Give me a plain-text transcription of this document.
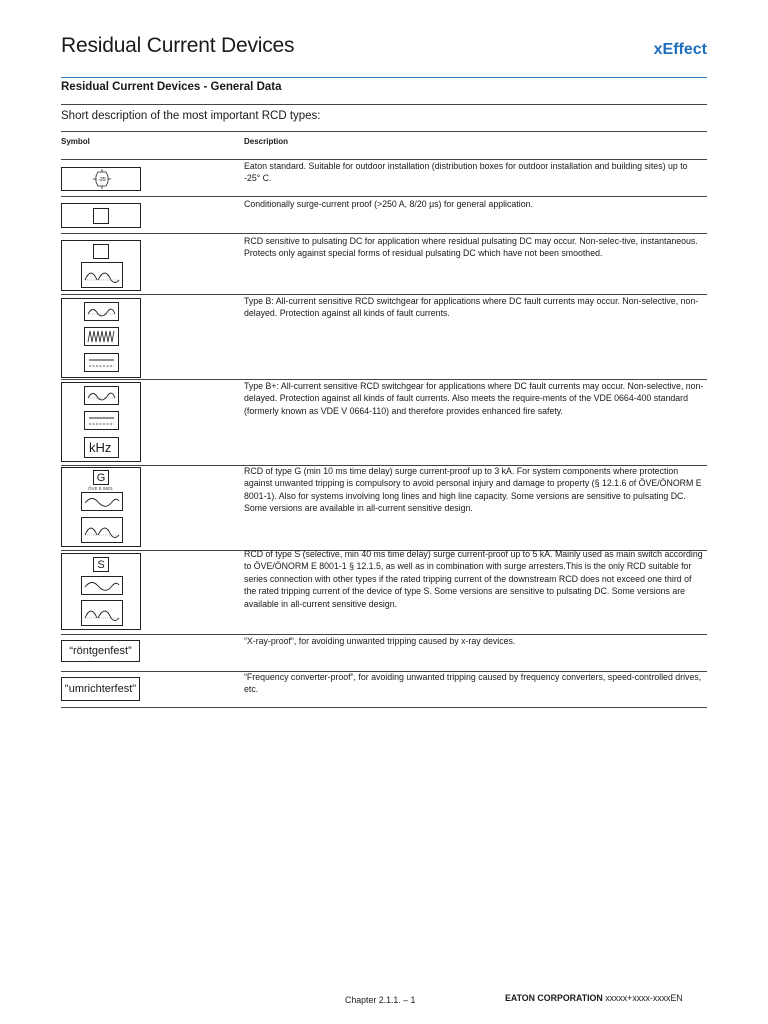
Residual Current Devices	xEffect
Residual Current Devices - General Data
Short description of the most important RCD types:
Symbol	Description
-25
Eaton standard. Suitable for outdoor installation (distribution boxes for outdoor installation and building sites) up to -25° C.
Conditionally surge-current proof (>250 A, 8/20 µs) for general application.
RCD sensitive to pulsating DC for application where residual pulsating DC may occur. Non-selec-tive, instantaneous. Protects only against special forms of residual pulsating DC which have not been smoothed.
Type B: All-current sensitive RCD switchgear for applications where DC fault currents may occur. Non-selective, non-delayed. Protection against all kinds of fault currents.
kHz
Type B+: All-current sensitive RCD switchgear for applications where DC fault currents may occur. Non-selective, non-delayed. Protection against all kinds of fault currents. Also meets the require-ments of the VDE 0664-400 standard (formerly known as VDE V 0664-110) and therefore provides enhanced fire safety.
G
ÖVE E 8601
RCD of type G (min 10 ms time delay) surge current-proof up to 3 kA. For system components where protection against unwanted tripping is compulsory to avoid personal injury and damage to property (§ 12.1.6 of ÖVE/ÖNORM E 8001-1). Also for systems involving long lines and high line capacity. Some versions are sensitive to pulsating DC. Some versions are available in all-current sensitive design.
S
RCD of type S (selective, min 40 ms time delay) surge current-proof up to 5 kA. Mainly used as main switch according to ÖVE/ÖNORM E 8001-1 § 12.1.5, as well as in combination with surge arresters.This is the only RCD suitable for series connection with other types if the rated tripping current of the downstream RCD does not exceed one third of the rated tripping current of the device of type S. Some versions are sensitive to pulsating DC. Some versions are available in all-current sensitive design.
“röntgenfest”
“X-ray-proof“, for avoiding unwanted tripping caused by x-ray devices.
"umrichterfest"
“Frequency converter-proof“, for avoiding unwanted tripping caused by frequency converters, speed-controlled drives, etc.
Chapter 2.1.1. – 1	EATON CORPORATION xxxxx+xxxx-xxxxEN
